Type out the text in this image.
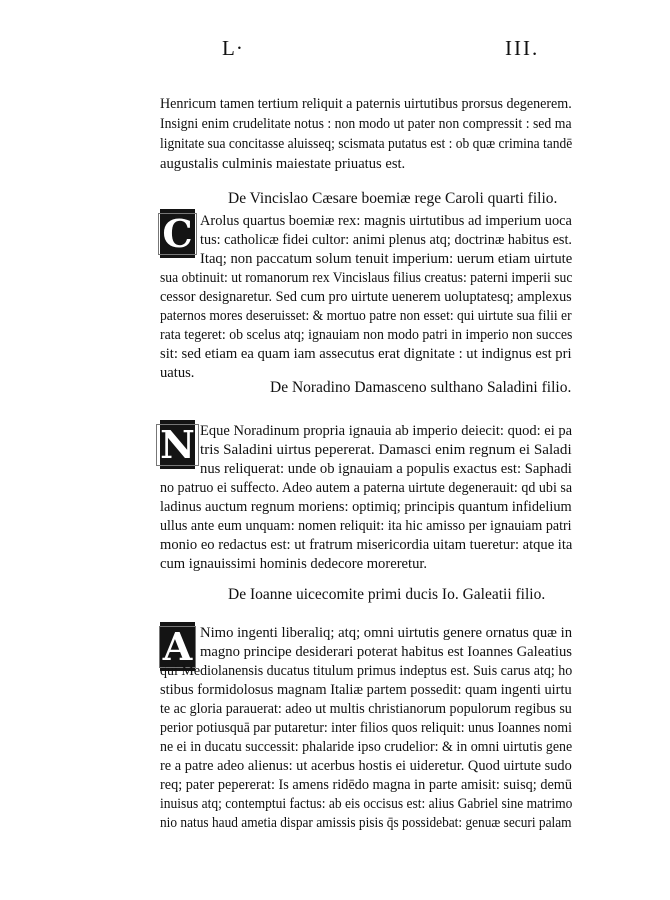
L·	III.
Henricum tamen tertium reliquit a paternis uirtutibus prorsus degenerem.
Insigni enim crudelitate notus : non modo ut pater non compressit : sed ma
lignitate sua concitasse aluisseq; scismata putatus est : ob quæ crimina tandē
augustalis culminis maiestate priuatus est.
De Vincislao Cæsare boemiæ rege Caroli quarti filio.
C Arolus quartus boemiæ rex: magnis uirtutibus ad imperium uoca
tus: catholicæ fidei cultor: animi plenus atq; doctrinæ habitus est.
Itaq; non paccatum solum tenuit imperium: uerum etiam uirtute
sua obtinuit: ut romanorum rex Vincislaus filius creatus: paterni imperii suc
cessor designaretur. Sed cum pro uirtute uenerem uoluptatesq; amplexus
paternos mores deseruisset: & mortuo patre non esset: qui uirtute sua filii er
rata tegeret: ob scelus atq; ignauiam non modo patri in imperio non succes
sit: sed etiam ea quam iam assecutus erat dignitate : ut indignus est pri
uatus.
De Noradino Damasceno sulthano Saladini filio.
N Eque Noradinum propria ignauia ab imperio deiecit: quod: ei pa
tris Saladini uirtus pepererat. Damasci enim regnum ei Saladi
nus reliquerat: unde ob ignauiam a populis exactus est: Saphadi
no patruo ei suffecto. Adeo autem a paterna uirtute degenerauit: qd ubi sa
ladinus auctum regnum moriens: optimiq; principis quantum infidelium
ullus ante eum unquam: nomen reliquit: ita hic amisso per ignauiam patri
monio eo redactus est: ut fratrum misericordia uitam tueretur: atque ita
cum ignauissimi hominis dedecore moreretur.
De Ioanne uicecomite primi ducis Io. Galeatii filio.
A Nimo ingenti liberaliq; atq; omni uirtutis genere ornatus quæ in
magno principe desiderari poterat habitus est Ioannes Galeatius
qui Mediolanensis ducatus titulum primus indeptus est. Suis carus atq; ho
stibus formidolosus magnam Italiæ partem possedit: quam ingenti uirtu
te ac gloria parauerat: adeo ut multis christianorum populorum regibus su
perior potiusquā par putaretur: inter filios quos reliquit: unus Ioannes nomi
ne ei in ducatu successit: phalaride ipso crudelior: & in omni uirtutis gene
re a patre adeo alienus: ut acerbus hostis ei uideretur. Quod uirtute sudo
req; pater pepererat: Is amens ridēdo magna in parte amisit: suisq; demū
inuisus atq; contemptui factus: ab eis occisus est: alius Gabriel sine matrimo
nio natus haud ametia dispar amissis pisis q̄s possidebat: genuæ securi palam
